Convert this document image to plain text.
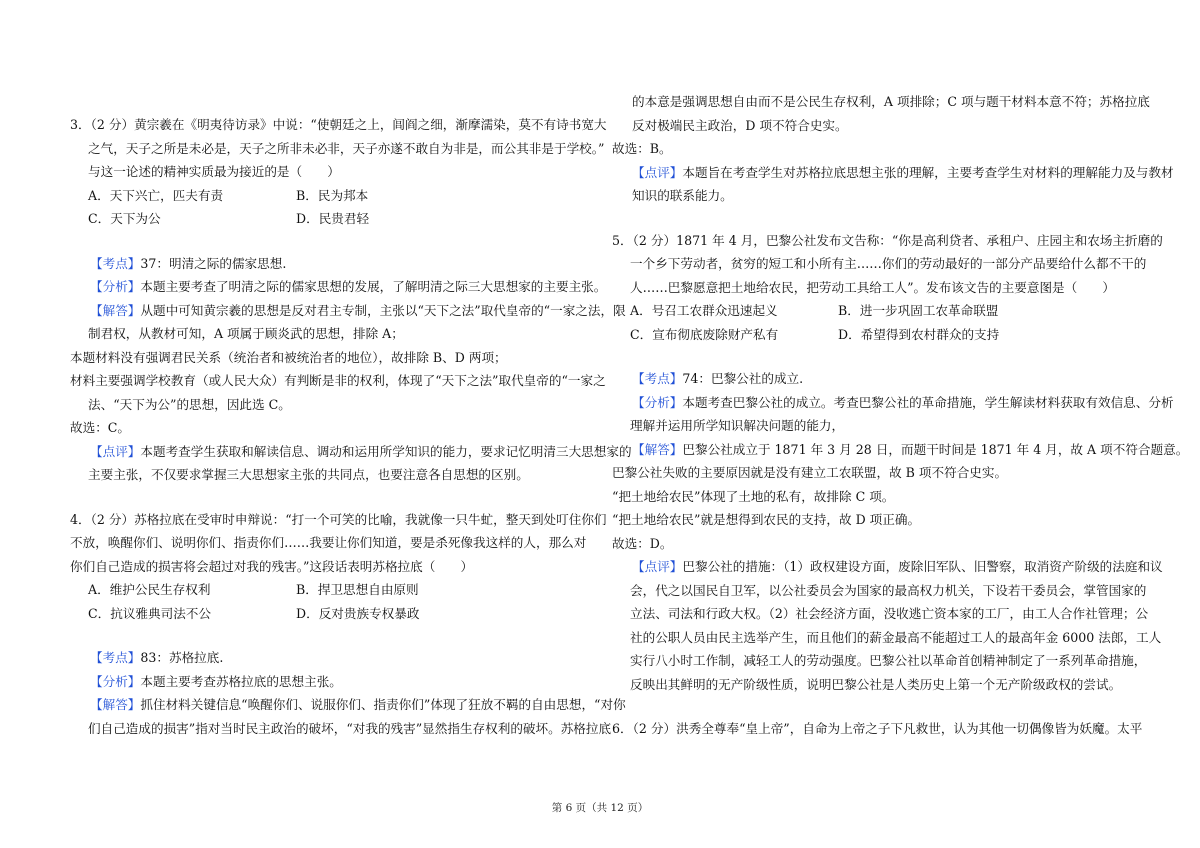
3．（2 分）黄宗羲在《明夷待访录》中说：“使朝廷之上，闾阎之细，渐摩濡染，莫不有诗书宽大
之气，天子之所是未必是，天子之所非未必非，天子亦遂不敢自为非是，而公其非是于学校。”
与这一论述的精神实质最为接近的是（　　）
A．天下兴亡，匹夫有责	B．民为邦本
C．天下为公	D．民贵君轻
【考点】37：明清之际的儒家思想.
【分析】本题主要考查了明清之际的儒家思想的发展，了解明清之际三大思想家的主要主张。
【解答】从题中可知黄宗羲的思想是反对君主专制，主张以“天下之法”取代皇帝的“一家之法，限
制君权，从教材可知，A 项属于顾炎武的思想，排除 A；
本题材料没有强调君民关系（统治者和被统治者的地位），故排除 B、D 两项；
材料主要强调学校教育（或人民大众）有判断是非的权利，体现了“天下之法”取代皇帝的“一家之
法、“天下为公”的思想，因此选 C。
故选：C。
【点评】本题考查学生获取和解读信息、调动和运用所学知识的能力，要求记忆明清三大思想家的
主要主张，不仅要求掌握三大思想家主张的共同点，也要注意各自思想的区别。
4．（2 分）苏格拉底在受审时申辩说：“打一个可笑的比喻，我就像一只牛虻，整天到处叮住你们
不放，唤醒你们、说明你们、指责你们……我要让你们知道，要是杀死像我这样的人，那么对
你们自己造成的损害将会超过对我的残害。”这段话表明苏格拉底（　　）
A．维护公民生存权利	B．捍卫思想自由原则
C．抗议雅典司法不公	D．反对贵族专权暴政
【考点】83：苏格拉底.
【分析】本题主要考查苏格拉底的思想主张。
【解答】抓住材料关键信息“唤醒你们、说服你们、指责你们”体现了狂放不羁的自由思想，“对你
们自己造成的损害”指对当时民主政治的破坏，“对我的残害”显然指生存权利的破坏。苏格拉底
的本意是强调思想自由而不是公民生存权利，A 项排除；C 项与题干材料本意不符；苏格拉底
反对极端民主政治，D 项不符合史实。
故选：B。
【点评】本题旨在考查学生对苏格拉底思想主张的理解，主要考查学生对材料的理解能力及与教材
知识的联系能力。
5．（2 分）1871 年 4 月，巴黎公社发布文告称：“你是高利贷者、承租户、庄园主和农场主折磨的
一个乡下劳动者，贫穷的短工和小所有主……你们的劳动最好的一部分产品要给什么都不干的
人……巴黎愿意把土地给农民，把劳动工具给工人”。发布该文告的主要意图是（　　）
A．号召工农群众迅速起义	B．进一步巩固工农革命联盟
C．宣布彻底废除财产私有	D．希望得到农村群众的支持
【考点】74：巴黎公社的成立.
【分析】本题考查巴黎公社的成立。考查巴黎公社的革命措施，学生解读材料获取有效信息、分析
理解并运用所学知识解决问题的能力，
【解答】巴黎公社成立于 1871 年 3 月 28 日，而题干时间是 1871 年 4 月，故 A 项不符合题意。
巴黎公社失败的主要原因就是没有建立工农联盟，故 B 项不符合史实。
“把土地给农民”体现了土地的私有，故排除 C 项。
“把土地给农民”就是想得到农民的支持，故 D 项正确。
故选：D。
【点评】巴黎公社的措施：（1）政权建设方面，废除旧军队、旧警察，取消资产阶级的法庭和议
会，代之以国民自卫军，以公社委员会为国家的最高权力机关，下设若干委员会，掌管国家的
立法、司法和行政大权。（2）社会经济方面，没收逃亡资本家的工厂，由工人合作社管理；公
社的公职人员由民主选举产生，而且他们的薪金最高不能超过工人的最高年金 6000 法郎，工人
实行八小时工作制，减轻工人的劳动强度。巴黎公社以革命首创精神制定了一系列革命措施，
反映出其鲜明的无产阶级性质，说明巴黎公社是人类历史上第一个无产阶级政权的尝试。
6．（2 分）洪秀全尊奉“皇上帝”，自命为上帝之子下凡救世，认为其他一切偶像皆为妖魔。太平
第 6 页（共 12 页）
